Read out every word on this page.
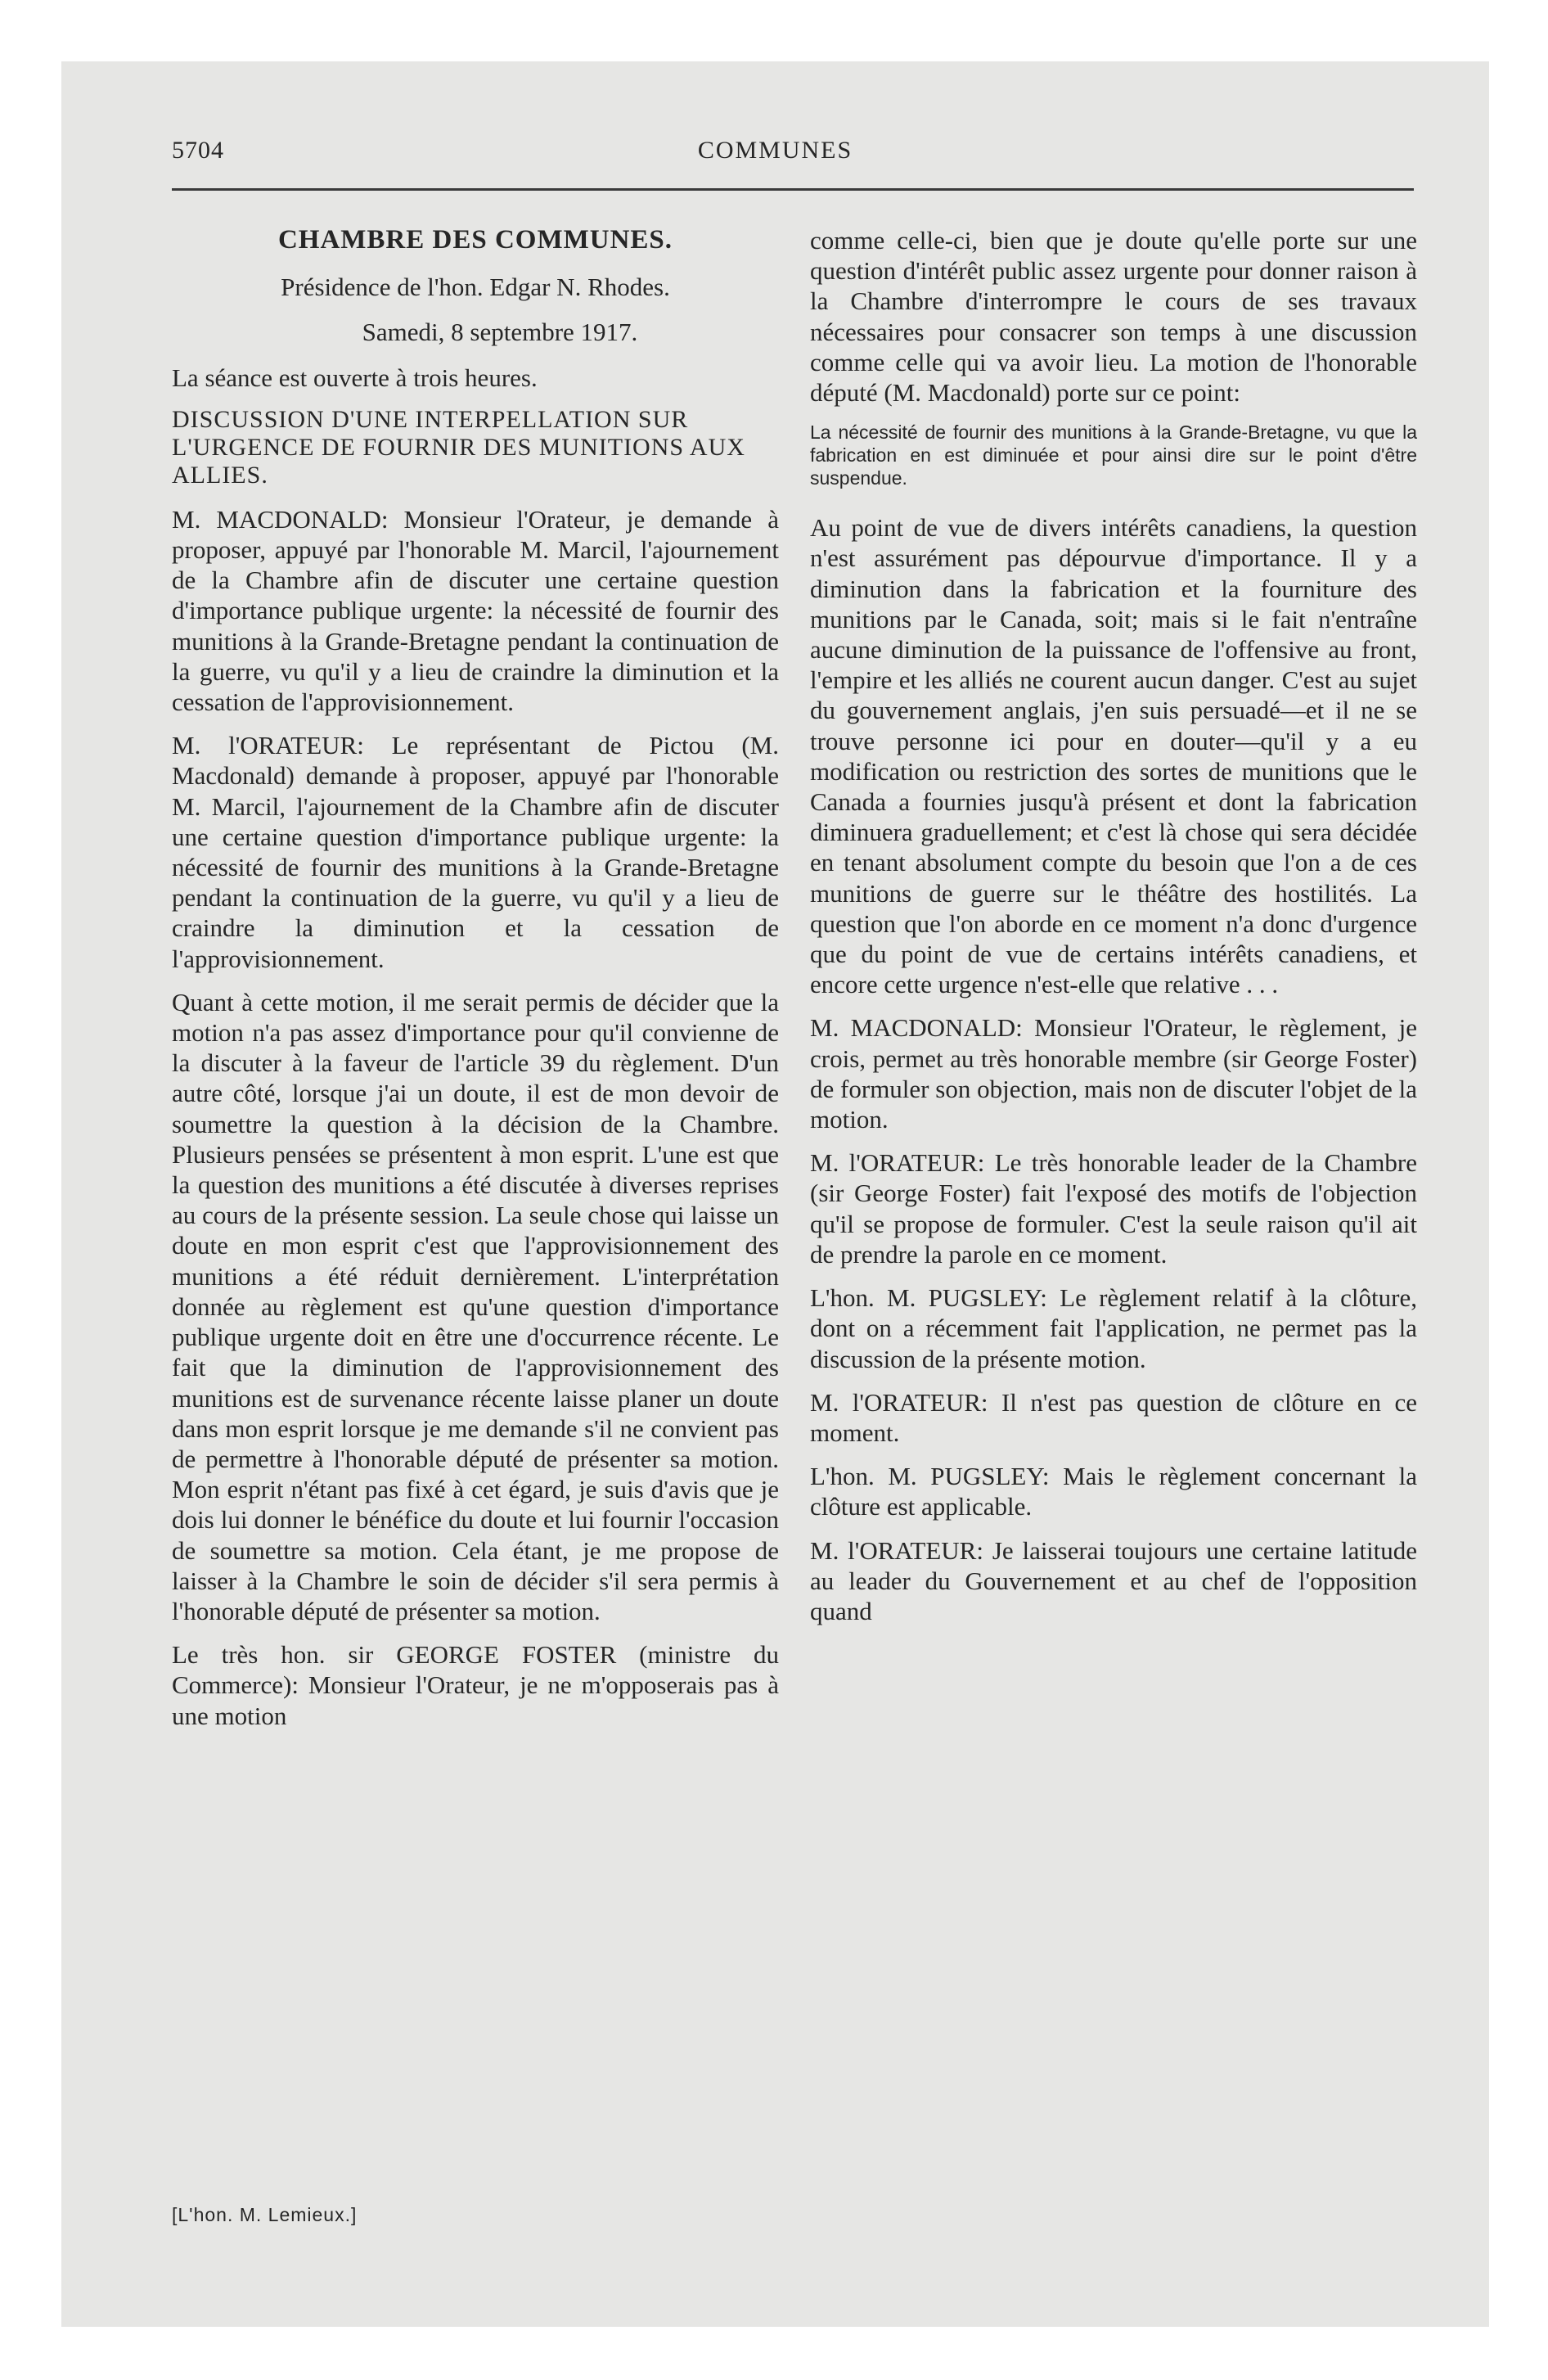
5704	COMMUNES
CHAMBRE DES COMMUNES.
Présidence de l'hon. Edgar N. Rhodes.
Samedi, 8 septembre 1917.

La séance est ouverte à trois heures.

DISCUSSION D'UNE INTERPELLATION SUR L'URGENCE DE FOURNIR DES MUNITIONS AUX ALLIES.

M. MACDONALD: Monsieur l'Orateur, je demande à proposer, appuyé par l'honorable M. Marcil, l'ajournement de la Chambre afin de discuter une certaine question d'importance publique urgente: la nécessité de fournir des munitions à la Grande-Bretagne pendant la continuation de la guerre, vu qu'il y a lieu de craindre la diminution et la cessation de l'approvisionnement.

M. l'ORATEUR: Le représentant de Pictou (M. Macdonald) demande à proposer, appuyé par l'honorable M. Marcil, l'ajournement de la Chambre afin de discuter une certaine question d'importance publique urgente: la nécessité de fournir des munitions à la Grande-Bretagne pendant la continuation de la guerre, vu qu'il y a lieu de craindre la diminution et la cessation de l'approvisionnement.

Quant à cette motion, il me serait permis de décider que la motion n'a pas assez d'importance pour qu'il convienne de la discuter à la faveur de l'article 39 du règlement. D'un autre côté, lorsque j'ai un doute, il est de mon devoir de soumettre la question à la décision de la Chambre. Plusieurs pensées se présentent à mon esprit. L'une est que la question des munitions a été discutée à diverses reprises au cours de la présente session. La seule chose qui laisse un doute en mon esprit c'est que l'approvisionnement des munitions a été réduit dernièrement. L'interprétation donnée au règlement est qu'une question d'importance publique urgente doit en être une d'occurrence récente. Le fait que la diminution de l'approvisionnement des munitions est de survenance récente laisse planer un doute dans mon esprit lorsque je me demande s'il ne convient pas de permettre à l'honorable député de présenter sa motion. Mon esprit n'étant pas fixé à cet égard, je suis d'avis que je dois lui donner le bénéfice du doute et lui fournir l'occasion de soumettre sa motion. Cela étant, je me propose de laisser à la Chambre le soin de décider s'il sera permis à l'honorable député de présenter sa motion.

Le très hon. sir GEORGE FOSTER (ministre du Commerce): Monsieur l'Orateur, je ne m'opposerais pas à une motion

comme celle-ci, bien que je doute qu'elle porte sur une question d'intérêt public assez urgente pour donner raison à la Chambre d'interrompre le cours de ses travaux nécessaires pour consacrer son temps à une discussion comme celle qui va avoir lieu. La motion de l'honorable député (M. Macdonald) porte sur ce point:

La nécessité de fournir des munitions à la Grande-Bretagne, vu que la fabrication en est diminuée et pour ainsi dire sur le point d'être suspendue.

Au point de vue de divers intérêts canadiens, la question n'est assurément pas dépourvue d'importance. Il y a diminution dans la fabrication et la fourniture des munitions par le Canada, soit; mais si le fait n'entraîne aucune diminution de la puissance de l'offensive au front, l'empire et les alliés ne courent aucun danger. C'est au sujet du gouvernement anglais, j'en suis persuadé—et il ne se trouve personne ici pour en douter—qu'il y a eu modification ou restriction des sortes de munitions que le Canada a fournies jusqu'à présent et dont la fabrication diminuera graduellement; et c'est là chose qui sera décidée en tenant absolument compte du besoin que l'on a de ces munitions de guerre sur le théâtre des hostilités. La question que l'on aborde en ce moment n'a donc d'urgence que du point de vue de certains intérêts canadiens, et encore cette urgence n'est-elle que relative . . .

M. MACDONALD: Monsieur l'Orateur, le règlement, je crois, permet au très honorable membre (sir George Foster) de formuler son objection, mais non de discuter l'objet de la motion.

M. l'ORATEUR: Le très honorable leader de la Chambre (sir George Foster) fait l'exposé des motifs de l'objection qu'il se propose de formuler. C'est la seule raison qu'il ait de prendre la parole en ce moment.

L'hon. M. PUGSLEY: Le règlement relatif à la clôture, dont on a récemment fait l'application, ne permet pas la discussion de la présente motion.

M. l'ORATEUR: Il n'est pas question de clôture en ce moment.

L'hon. M. PUGSLEY: Mais le règlement concernant la clôture est applicable.

M. l'ORATEUR: Je laisserai toujours une certaine latitude au leader du Gouvernement et au chef de l'opposition quand

[L'hon. M. Lemieux.]
